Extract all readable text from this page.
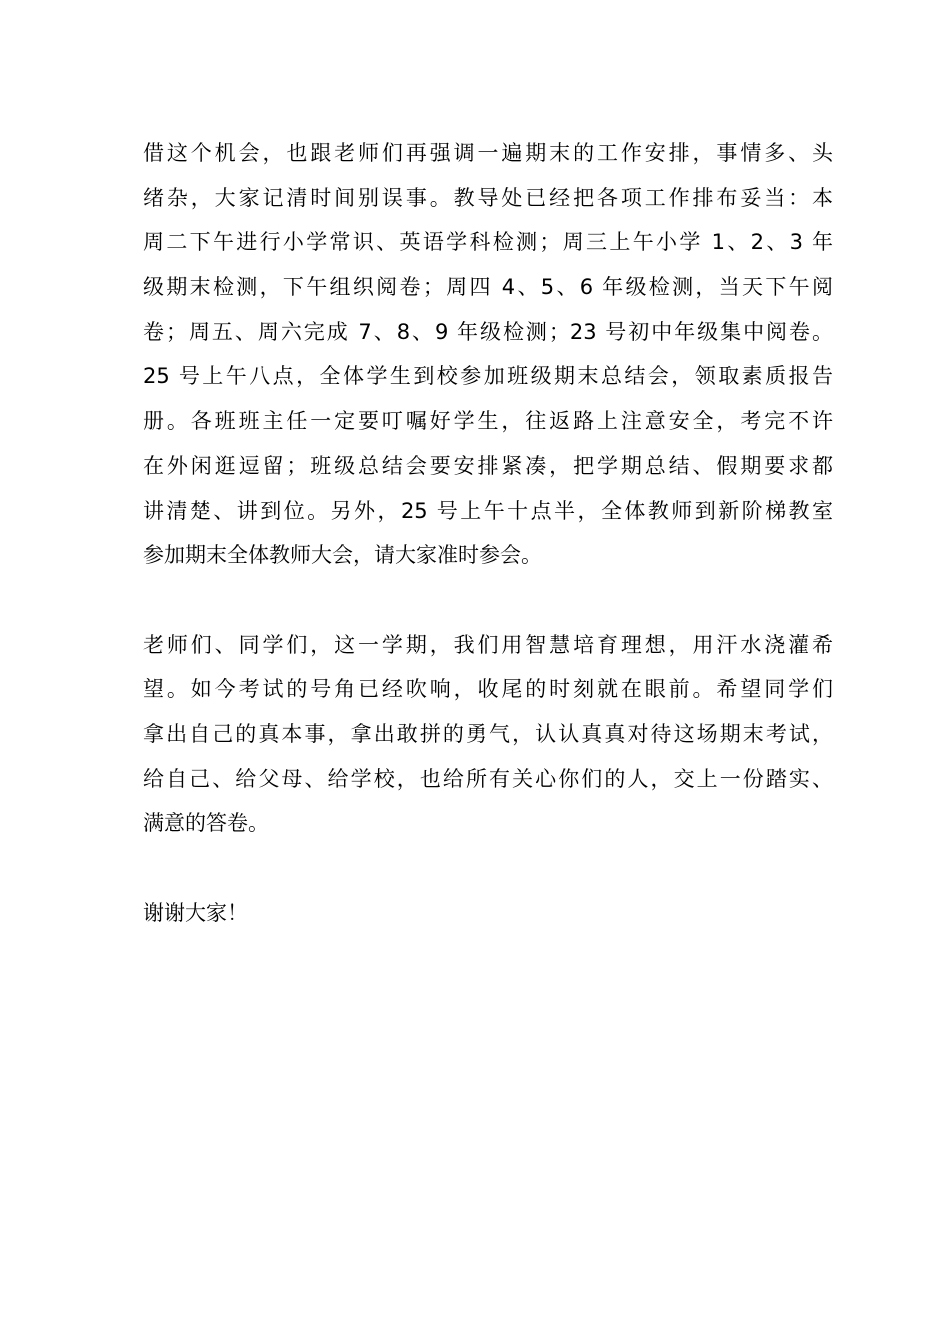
借这个机会，也跟老师们再强调一遍期末的工作安排，事情多、头
绪杂，大家记清时间别误事。教导处已经把各项工作排布妥当：本
周二下午进行小学常识、英语学科检测；周三上午小学 1、2、3 年
级期末检测，下午组织阅卷；周四 4、5、6 年级检测，当天下午阅
卷；周五、周六完成 7、8、9 年级检测；23 号初中年级集中阅卷。
25 号上午八点，全体学生到校参加班级期末总结会，领取素质报告
册。各班班主任一定要叮嘱好学生，往返路上注意安全，考完不许
在外闲逛逗留；班级总结会要安排紧凑，把学期总结、假期要求都
讲清楚、讲到位。另外，25 号上午十点半，全体教师到新阶梯教室
参加期末全体教师大会，请大家准时参会。
老师们、同学们，这一学期，我们用智慧培育理想，用汗水浇灌希
望。如今考试的号角已经吹响，收尾的时刻就在眼前。希望同学们
拿出自己的真本事，拿出敢拼的勇气，认认真真对待这场期末考试，
给自己、给父母、给学校，也给所有关心你们的人，交上一份踏实、
满意的答卷。
谢谢大家！
